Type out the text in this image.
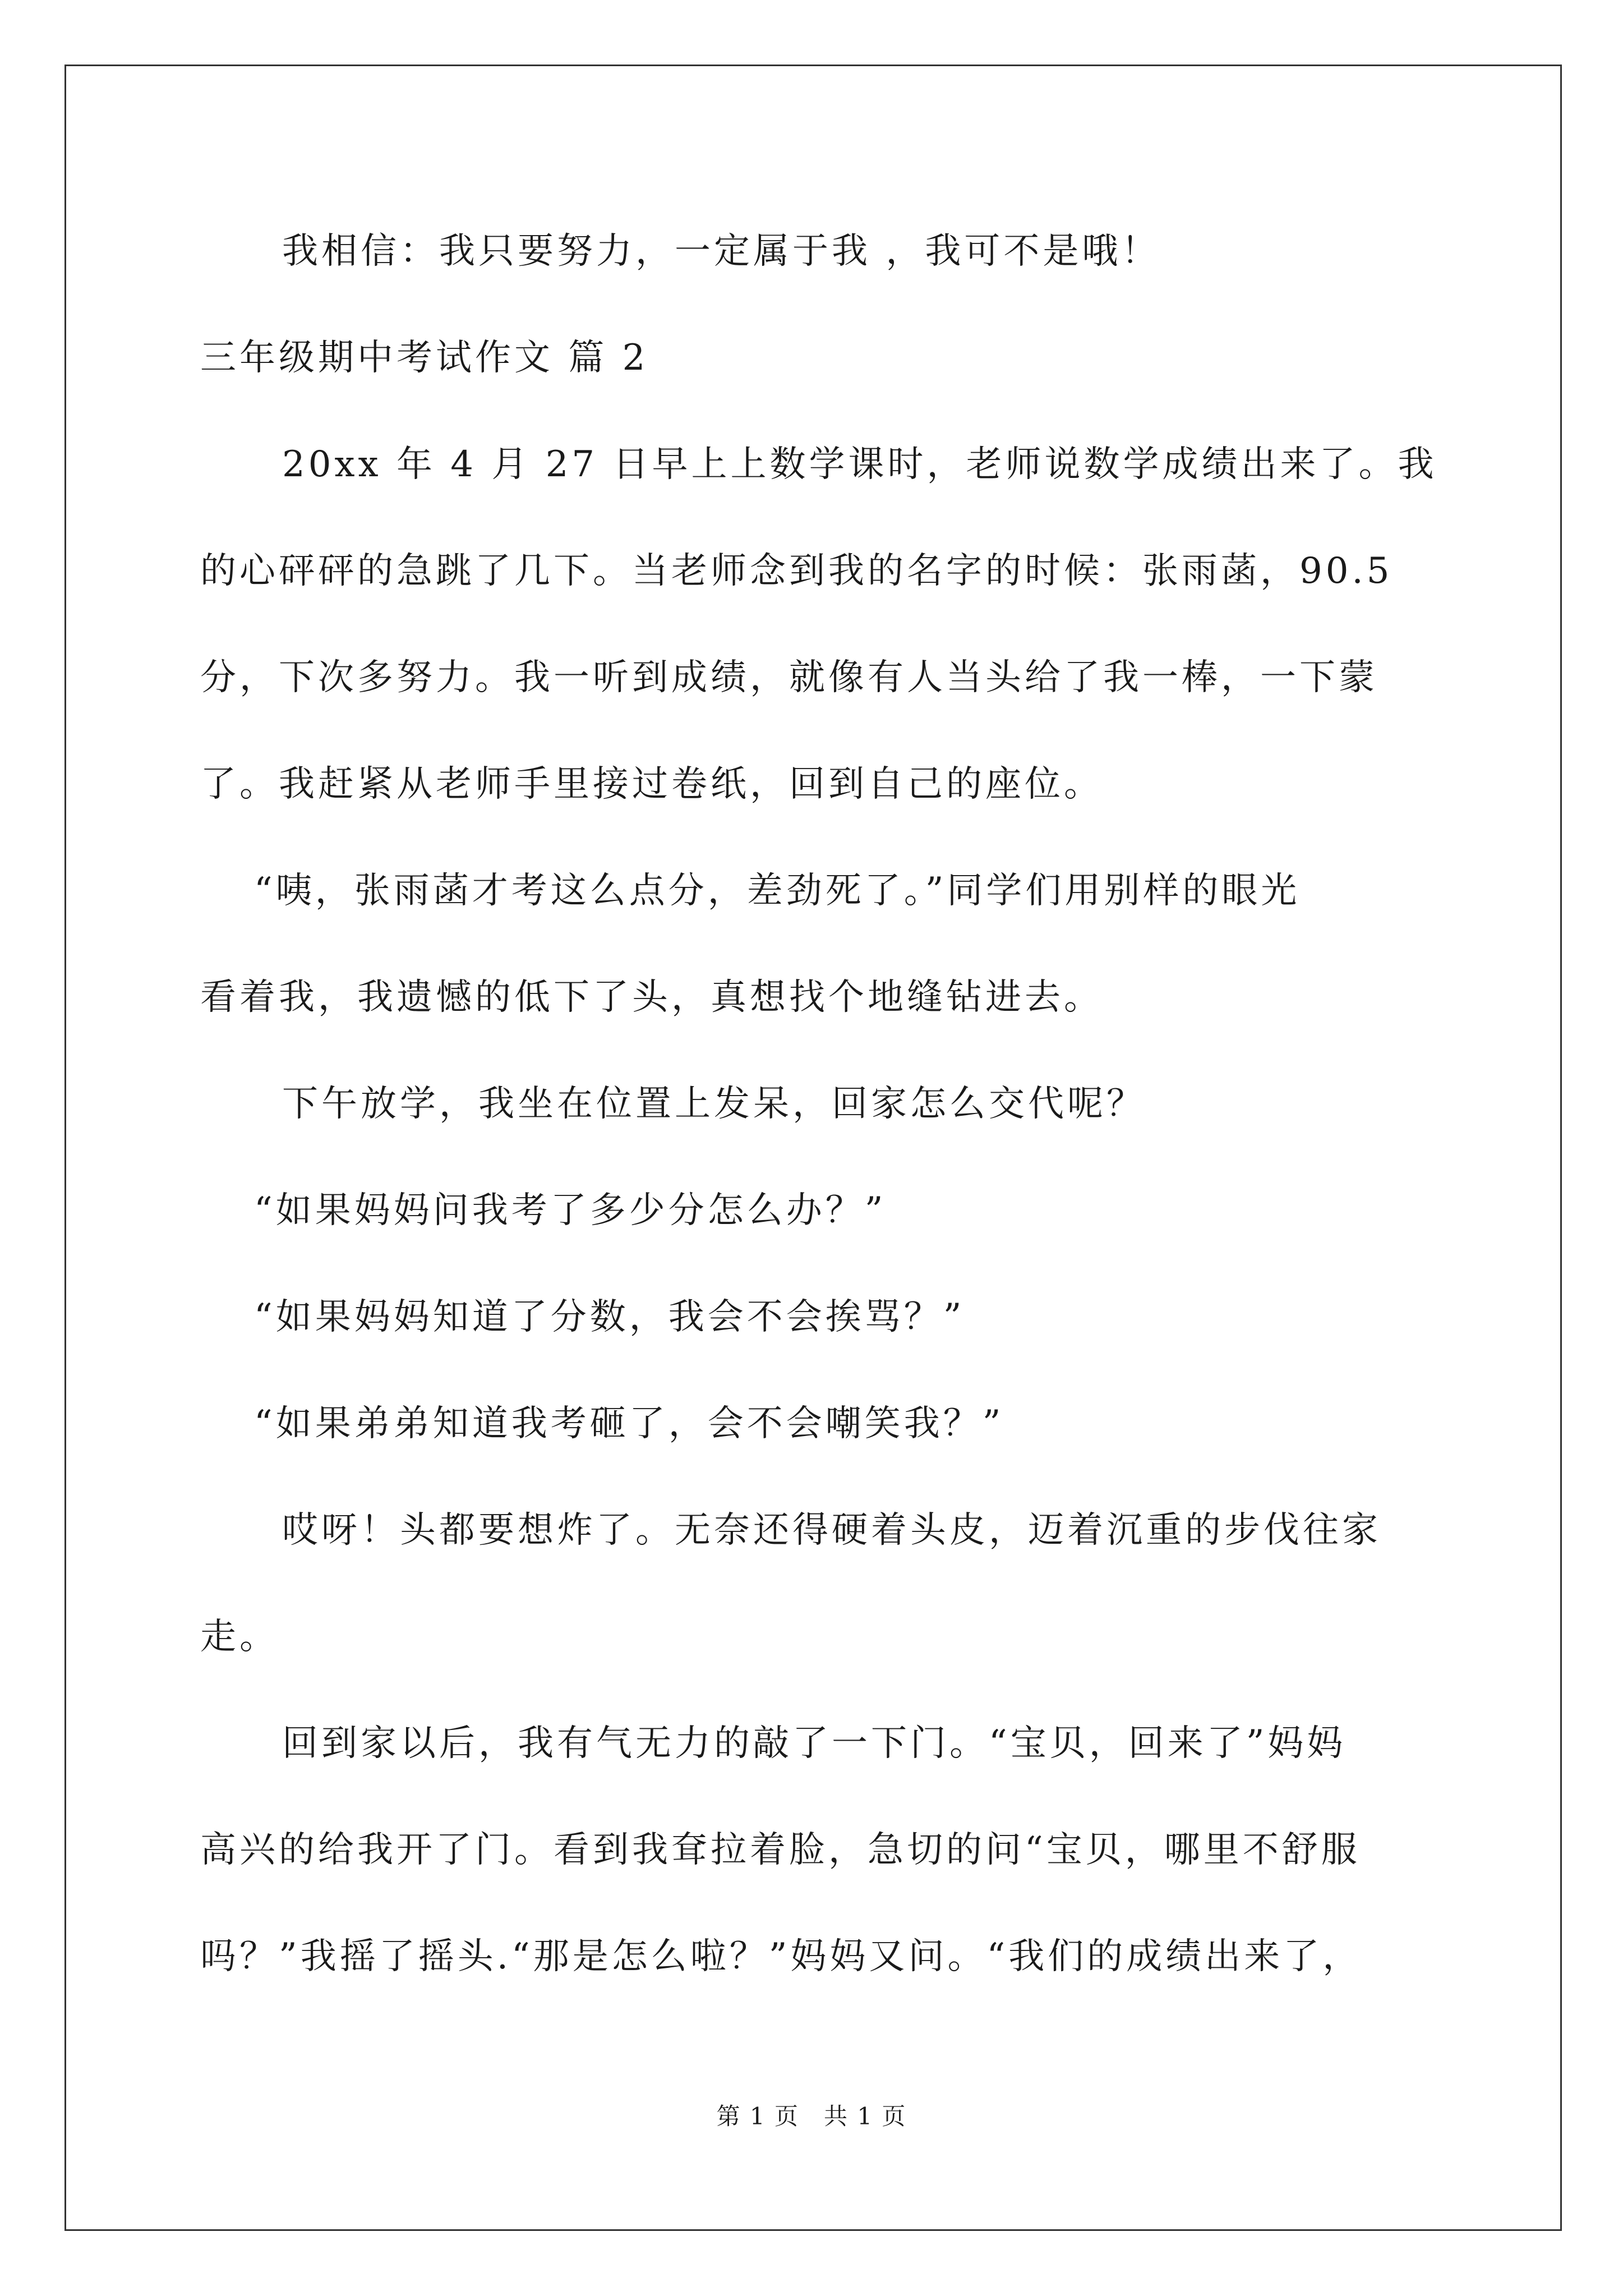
我相信：我只要努力，一定属于我 ，我可不是哦！
三年级期中考试作文 篇 2
20xx 年 4 月 27 日早上上数学课时，老师说数学成绩出来了。我
的心砰砰的急跳了几下。当老师念到我的名字的时候：张雨菡，90.5
分，下次多努力。我一听到成绩，就像有人当头给了我一棒，一下蒙
了。我赶紧从老师手里接过卷纸，回到自己的座位。
“咦，张雨菡才考这么点分，差劲死了。”同学们用别样的眼光
看着我，我遗憾的低下了头，真想找个地缝钻进去。
下午放学，我坐在位置上发呆，回家怎么交代呢？
“如果妈妈问我考了多少分怎么办？”
“如果妈妈知道了分数，我会不会挨骂？”
“如果弟弟知道我考砸了，会不会嘲笑我？”
哎呀！头都要想炸了。无奈还得硬着头皮，迈着沉重的步伐往家
走。
回到家以后，我有气无力的敲了一下门。“宝贝，回来了”妈妈
高兴的给我开了门。看到我耷拉着脸，急切的问“宝贝，哪里不舒服
吗？”我摇了摇头.“那是怎么啦？”妈妈又问。“我们的成绩出来了，
第 1 页　共 1 页
